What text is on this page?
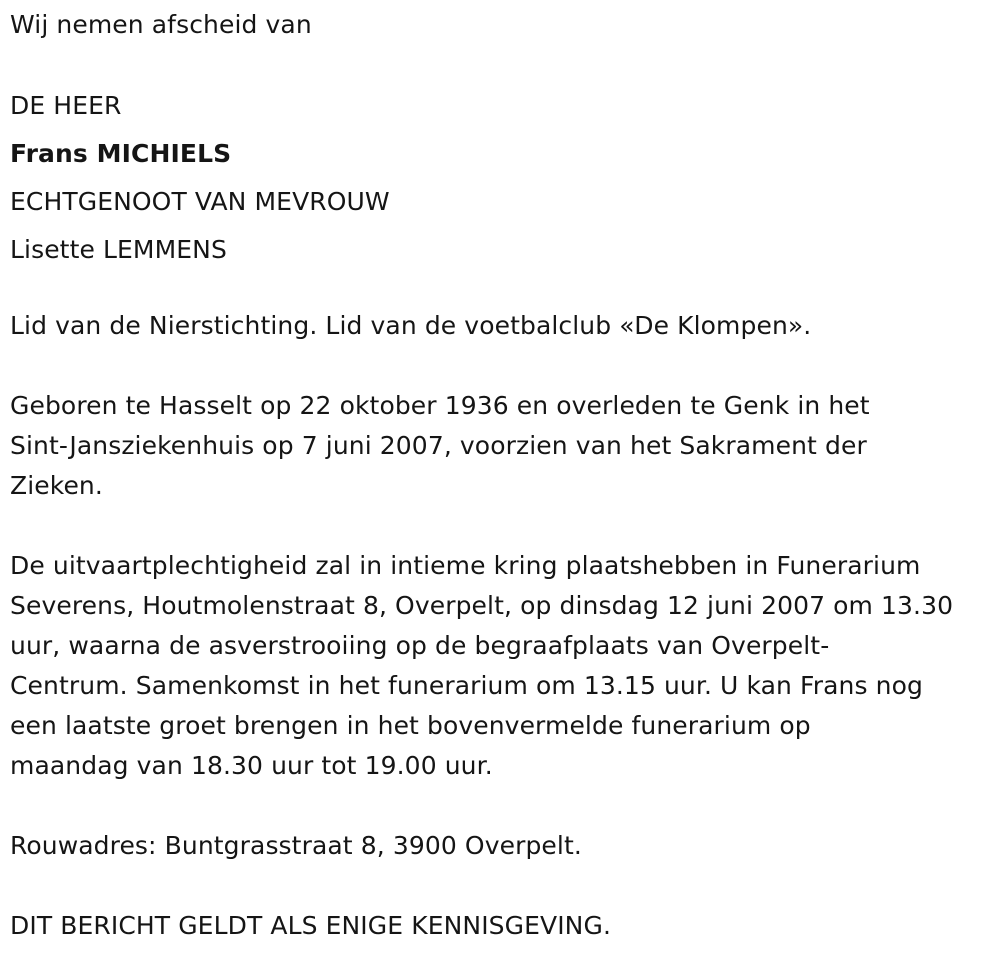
Wij nemen afscheid van
DE HEER
Frans MICHIELS
ECHTGENOOT VAN MEVROUW
Lisette LEMMENS
Lid van de Nierstichting. Lid van de voetbalclub «De Klompen».
Geboren te Hasselt op 22 oktober 1936 en overleden te Genk in het
Sint-Jansziekenhuis op 7 juni 2007, voorzien van het Sakrament der
Zieken.
De uitvaartplechtigheid zal in intieme kring plaatshebben in Funerarium
Severens, Houtmolenstraat 8, Overpelt, op dinsdag 12 juni 2007 om 13.30
uur, waarna de asverstrooiing op de begraafplaats van Overpelt-
Centrum. Samenkomst in het funerarium om 13.15 uur. U kan Frans nog
een laatste groet brengen in het bovenvermelde funerarium op
maandag van 18.30 uur tot 19.00 uur.
Rouwadres: Buntgrasstraat 8, 3900 Overpelt.
DIT BERICHT GELDT ALS ENIGE KENNISGEVING.
